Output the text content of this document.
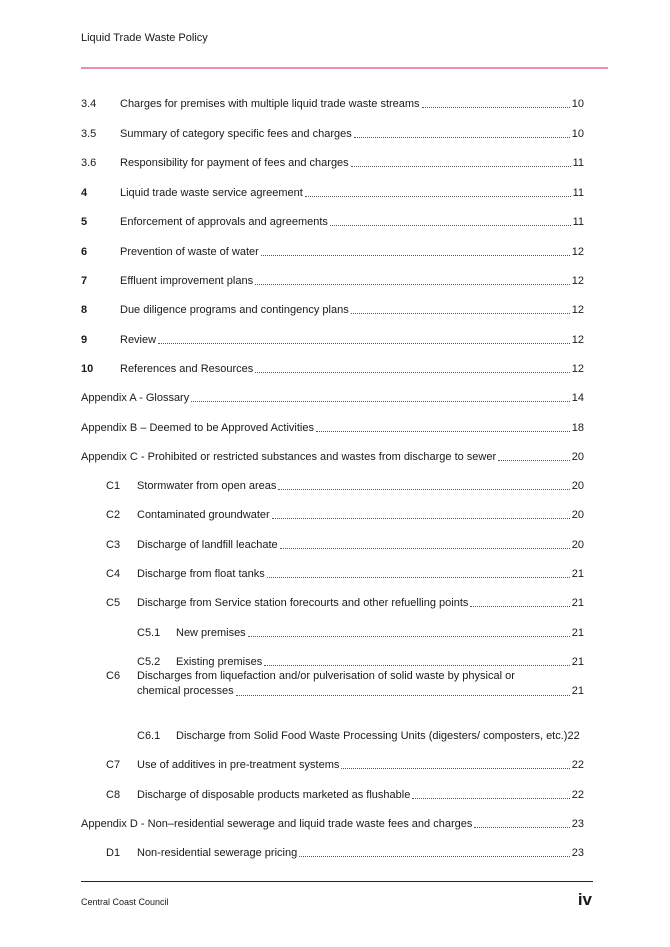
Liquid Trade Waste Policy
3.4	Charges for premises with multiple liquid trade waste streams	10
3.5	Summary of category specific fees and charges	10
3.6	Responsibility for payment of fees and charges	11
4	Liquid trade waste service agreement	11
5	Enforcement of approvals and agreements	11
6	Prevention of waste of water	12
7	Effluent improvement plans	12
8	Due diligence programs and contingency plans	12
9	Review	12
10	References and Resources	12
Appendix A - Glossary	14
Appendix B – Deemed to be Approved Activities	18
Appendix C - Prohibited or restricted substances and wastes from discharge to sewer	20
C1	Stormwater from open areas	20
C2	Contaminated groundwater	20
C3	Discharge of landfill leachate	20
C4	Discharge from float tanks	21
C5	Discharge from Service station forecourts and other refuelling points	21
C5.1	New premises	21
C5.2	Existing premises	21
C6	Discharges from liquefaction and/or pulverisation of solid waste by physical or
chemical processes	21
C6.1	Discharge from Solid Food Waste Processing Units (digesters/ composters, etc.) 22
C7	Use of additives in pre-treatment systems	22
C8	Discharge of disposable products marketed as flushable	22
Appendix D - Non–residential sewerage and liquid trade waste fees and charges	23
D1	Non-residential sewerage pricing	23
Central Coast Council	iv
